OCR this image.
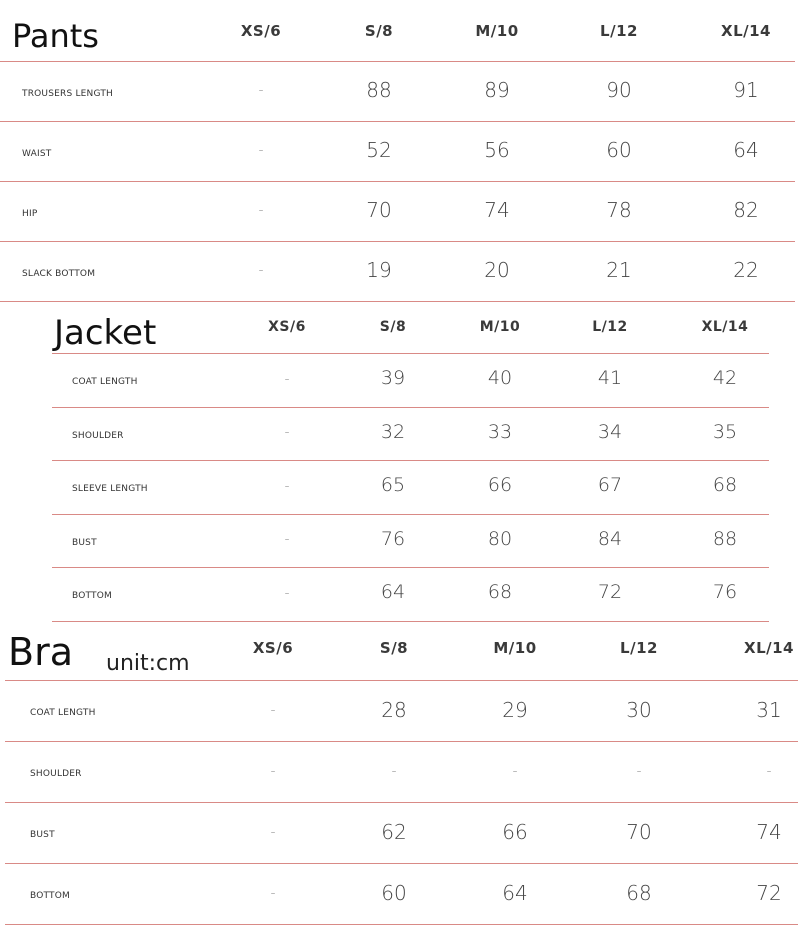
Pants	XS/6	S/8	M/10	L/12	XL/14
TROUSERS LENGTH	-	88	89	90	91
WAIST	-	52	56	60	64
HIP	-	70	74	78	82
SLACK BOTTOM	-	19	20	21	22
Jacket	XS/6	S/8	M/10	L/12	XL/14
COAT LENGTH	-	39	40	41	42
SHOULDER	-	32	33	34	35
SLEEVE LENGTH	-	65	66	67	68
BUST	-	76	80	84	88
BOTTOM	-	64	68	72	76
Bra unit:cm
XS/6	S/8	M/10	L/12	XL/14
COAT LENGTH	-	28	29	30	31
SHOULDER	-	-	-	-	-
BUST	-	62	66	70	74
BOTTOM	-	60	64	68	72
